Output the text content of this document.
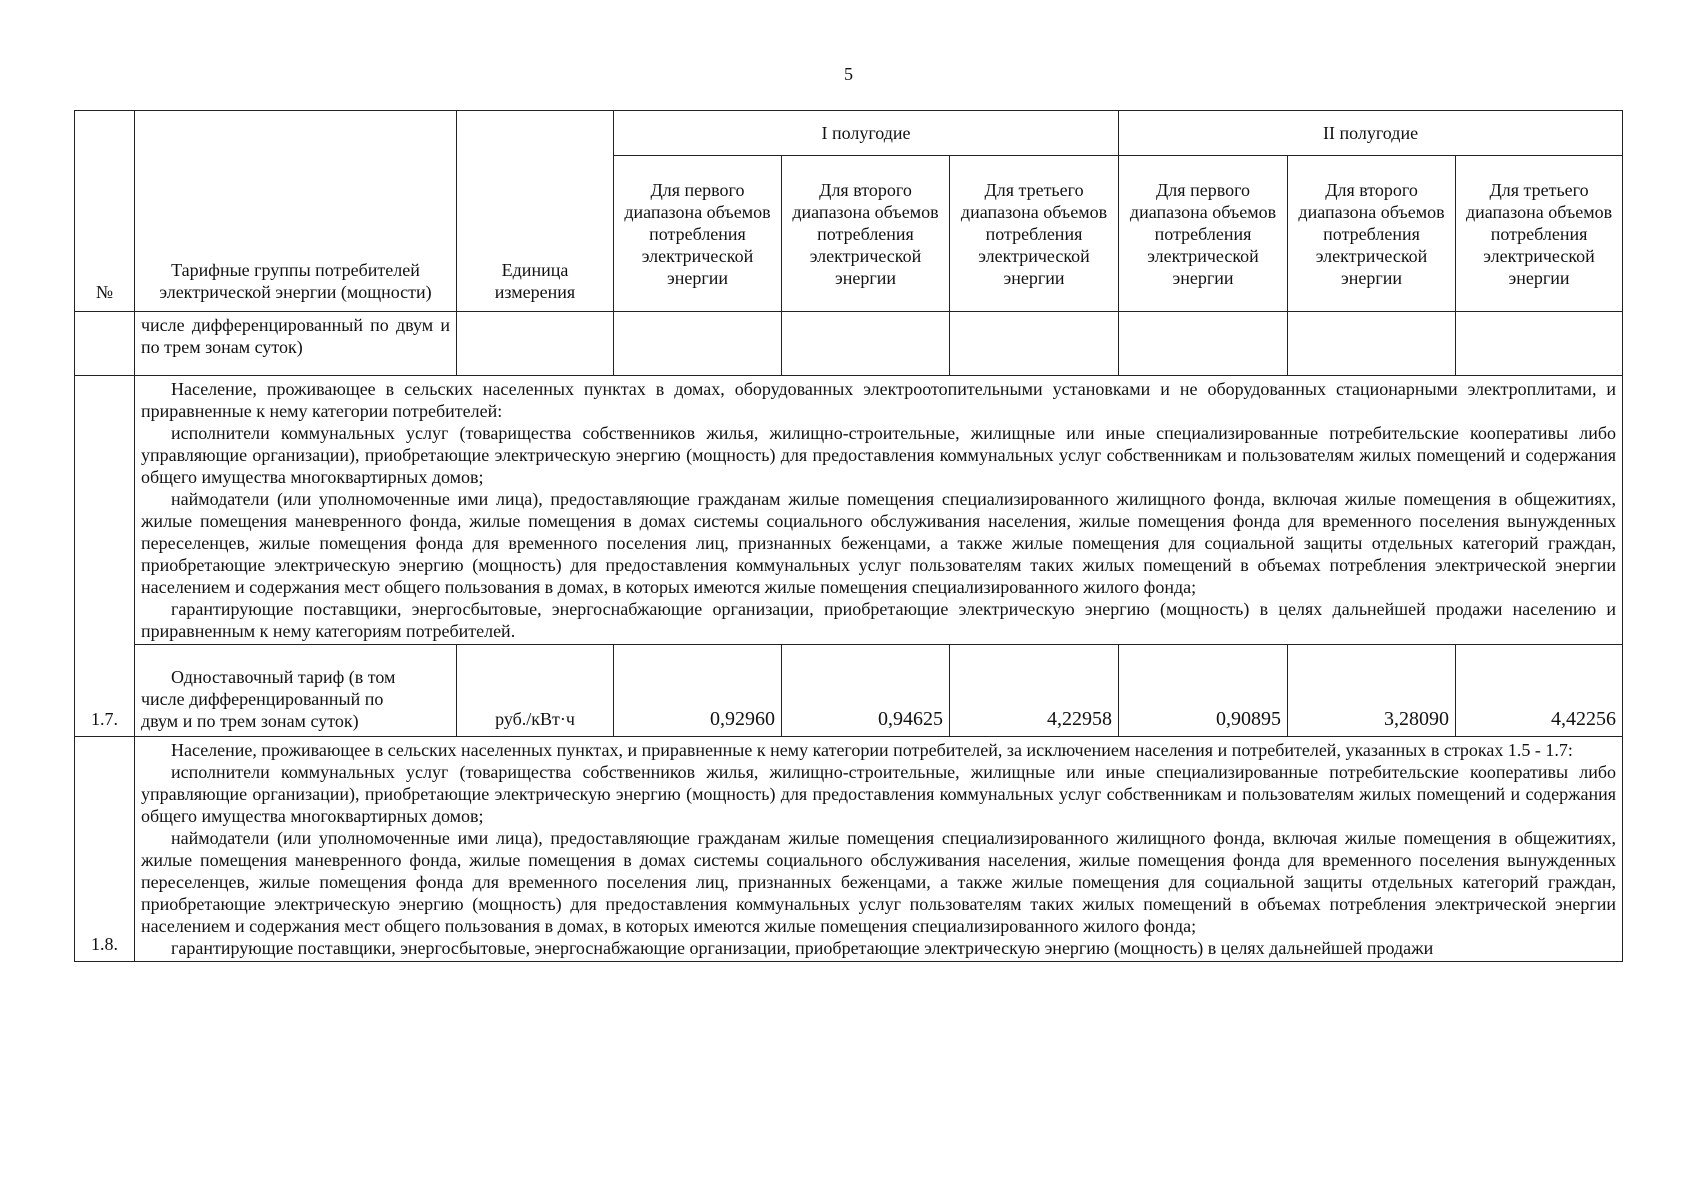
5
№	Тарифные группы потребителей электрической энергии (мощности)	Единица измерения	I полугодие			II полугодие		
			Для первого диапазона объемов потребления электрической энергии	Для второго диапазона объемов потребления электрической энергии	Для третьего диапазона объемов потребления электрической энергии	Для первого диапазона объемов потребления электрической энергии	Для второго диапазона объемов потребления электрической энергии	Для третьего диапазона объемов потребления электрической энергии
	числе дифференцированный по двум и по трем зонам суток)							
1.7.	Население, проживающее в сельских населенных пунктах в домах, оборудованных электроотопительными установками и не оборудованных стационарными электроплитами, и приравненные к нему категории потребителей:

исполнители коммунальных услуг (товарищества собственников жилья, жилищно-строительные, жилищные или иные специализированные потребительские кооперативы либо управляющие организации), приобретающие электрическую энергию (мощность) для предоставления коммунальных услуг собственникам и пользователям жилых помещений и содержания общего имущества многоквартирных домов;

наймодатели (или уполномоченные ими лица), предоставляющие гражданам жилые помещения специализированного жилищного фонда, включая жилые помещения в общежитиях, жилые помещения маневренного фонда, жилые помещения в домах системы социального обслуживания населения, жилые помещения фонда для временного поселения вынужденных переселенцев, жилые помещения фонда для временного поселения лиц, признанных беженцами, а также жилые помещения для социальной защиты отдельных категорий граждан, приобретающие электрическую энергию (мощность) для предоставления коммунальных услуг пользователям таких жилых помещений в объемах потребления электрической энергии населением и содержания мест общего пользования в домах, в которых имеются жилые помещения специализированного жилого фонда;

гарантирующие поставщики, энергосбытовые, энергоснабжающие организации, приобретающие электрическую энергию (мощность) в целях дальнейшей продажи населению и приравненным к нему категориям потребителей.							

	Одноставочный тариф (в том
числе дифференцированный по
двум и по трем зонам суток)	руб./кВт·ч	0,92960	0,94625	4,22958	0,90895	3,28090	4,42256
1.8.	Население, проживающее в сельских населенных пунктах, и приравненные к нему категории потребителей, за исключением населения и потребителей, указанных в строках 1.5 - 1.7:

исполнители коммунальных услуг (товарищества собственников жилья, жилищно-строительные, жилищные или иные специализированные потребительские кооперативы либо управляющие организации), приобретающие электрическую энергию (мощность) для предоставления коммунальных услуг собственникам и пользователям жилых помещений и содержания общего имущества многоквартирных домов;

наймодатели (или уполномоченные ими лица), предоставляющие гражданам жилые помещения специализированного жилищного фонда, включая жилые помещения в общежитиях, жилые помещения маневренного фонда, жилые помещения в домах системы социального обслуживания населения, жилые помещения фонда для временного поселения вынужденных переселенцев, жилые помещения фонда для временного поселения лиц, признанных беженцами, а также жилые помещения для социальной защиты отдельных категорий граждан, приобретающие электрическую энергию (мощность) для предоставления коммунальных услуг пользователям таких жилых помещений в объемах потребления электрической энергии населением и содержания мест общего пользования в домах, в которых имеются жилые помещения специализированного жилого фонда;

гарантирующие поставщики, энергосбытовые, энергоснабжающие организации, приобретающие электрическую энергию (мощность) в целях дальнейшей продажи							
